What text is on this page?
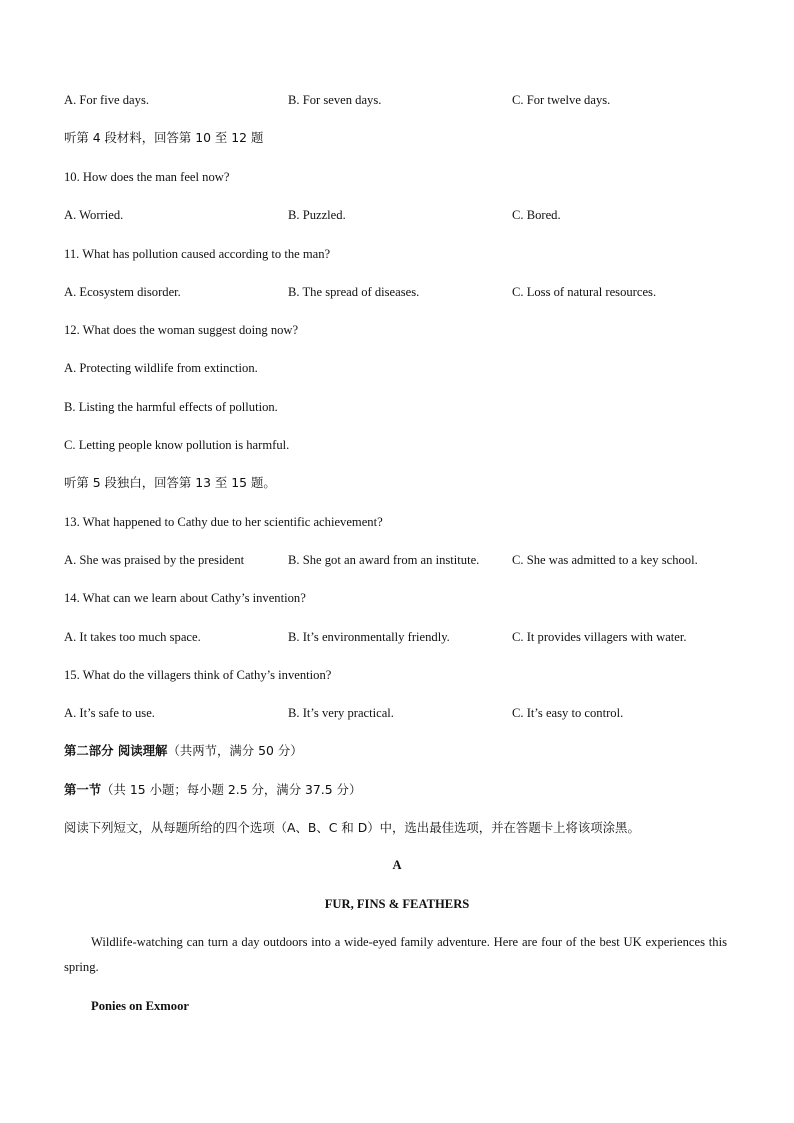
A. For five days.	B. For seven days.	C. For twelve days.
听第 4 段材料，回答第 10 至 12 题
10. How does the man feel now?
A. Worried.	B. Puzzled.	C. Bored.
11. What has pollution caused according to the man?
A. Ecosystem disorder.	B. The spread of diseases.	C. Loss of natural resources.
12. What does the woman suggest doing now?
A. Protecting wildlife from extinction.
B. Listing the harmful effects of pollution.
C. Letting people know pollution is harmful.
听第 5 段独白，回答第 13 至 15 题。
13. What happened to Cathy due to her scientific achievement?
A. She was praised by the president	B. She got an award from an institute.	C. She was admitted to a key school.
14. What can we learn about Cathy’s invention?
A. It takes too much space.	B. It’s environmentally friendly.	C. It provides villagers with water.
15. What do the villagers think of Cathy’s invention?
A. It’s safe to use.	B. It’s very practical.	C. It’s easy to control.
第二部分 阅读理解（共两节，满分 50 分）
第一节（共 15 小题；每小题 2.5 分，满分 37.5 分）
阅读下列短文，从每题所给的四个选项（A、B、C 和 D）中，选出最佳选项，并在答题卡上将该项涂黑。
A
FUR, FINS & FEATHERS
Wildlife-watching can turn a day outdoors into a wide-eyed family adventure. Here are four of the best UK experiences this spring.
Ponies on Exmoor
